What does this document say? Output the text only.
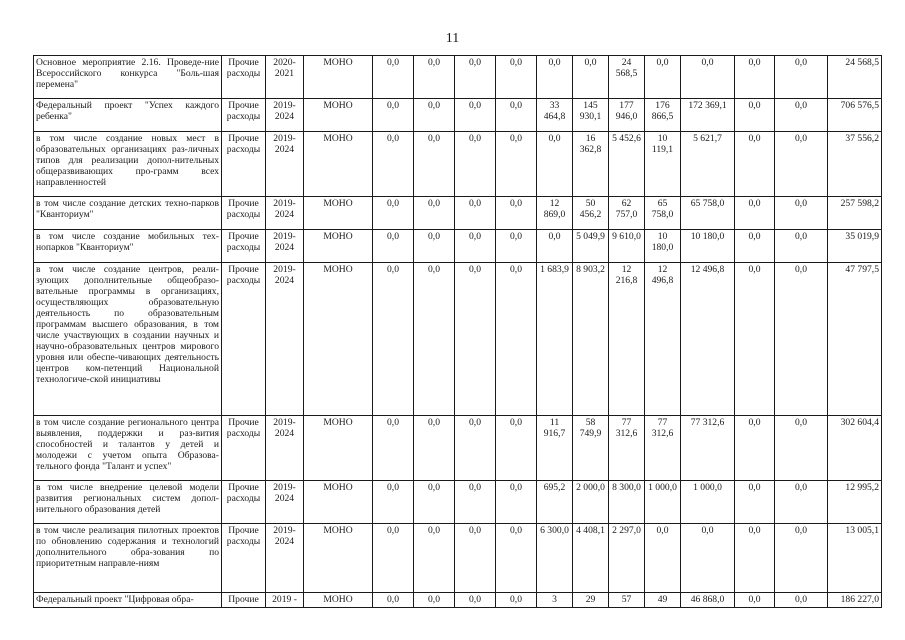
11
Основное мероприятие 2.16. Проведе-ние Всероссийского конкурса "Боль-шая перемена"	Прочие расходы	2020-2021	МОНО	0,0	0,0	0,0	0,0	0,0	0,0	24 568,5	0,0	0,0	0,0	0,0	24 568,5
Федеральный проект "Успех каждого ребенка"	Прочие расходы	2019-2024	МОНО	0,0	0,0	0,0	0,0	33 464,8	145 930,1	177 946,0	176 866,5	172 369,1	0,0	0,0	706 576,5
в том числе создание новых мест в образовательных организациях раз-личных типов для реализации допол-нительных общеразвивающих про-грамм всех направленностей	Прочие расходы	2019-2024	МОНО	0,0	0,0	0,0	0,0	0,0	16 362,8	5 452,6	10 119,1	5 621,7	0,0	0,0	37 556,2
в том числе создание детских техно-парков "Кванториум"	Прочие расходы	2019-2024	МОНО	0,0	0,0	0,0	0,0	12 869,0	50 456,2	62 757,0	65 758,0	65 758,0	0,0	0,0	257 598,2
в том числе создание мобильных тех-нопарков "Кванториум"	Прочие расходы	2019-2024	МОНО	0,0	0,0	0,0	0,0	0,0	5 049,9	9 610,0	10 180,0	10 180,0	0,0	0,0	35 019,9
в том числе создание центров, реали-зующих дополнительные общеобразо-вательные программы в организациях, осуществляющих образовательную деятельность по образовательным программам высшего образования, в том числе участвующих в создании научных и научно-образовательных центров мирового уровня или обеспе-чивающих деятельность центров ком-петенций Национальной технологиче-ской инициативы	Прочие расходы	2019-2024	МОНО	0,0	0,0	0,0	0,0	1 683,9	8 903,2	12 216,8	12 496,8	12 496,8	0,0	0,0	47 797,5
в том числе создание регионального центра выявления, поддержки и раз-вития способностей и талантов у детей и молодежи с учетом опыта Образова-тельного фонда "Талант и успех"	Прочие расходы	2019-2024	МОНО	0,0	0,0	0,0	0,0	11 916,7	58 749,9	77 312,6	77 312,6	77 312,6	0,0	0,0	302 604,4
в том числе внедрение целевой модели развития региональных систем допол-нительного образования детей	Прочие расходы	2019-2024	МОНО	0,0	0,0	0,0	0,0	695,2	2 000,0	8 300,0	1 000,0	1 000,0	0,0	0,0	12 995,2
в том числе реализация пилотных проектов по обновлению содержания и технологий дополнительного обра-зования по приоритетным направле-ниям	Прочие расходы	2019-2024	МОНО	0,0	0,0	0,0	0,0	6 300,0	4 408,1	2 297,0	0,0	0,0	0,0	0,0	13 005,1
Федеральный проект "Цифровая обра-	Прочие	2019 -	МОНО	0,0	0,0	0,0	0,0	3	29	57	49	46 868,0	0,0	0,0	186 227,0
